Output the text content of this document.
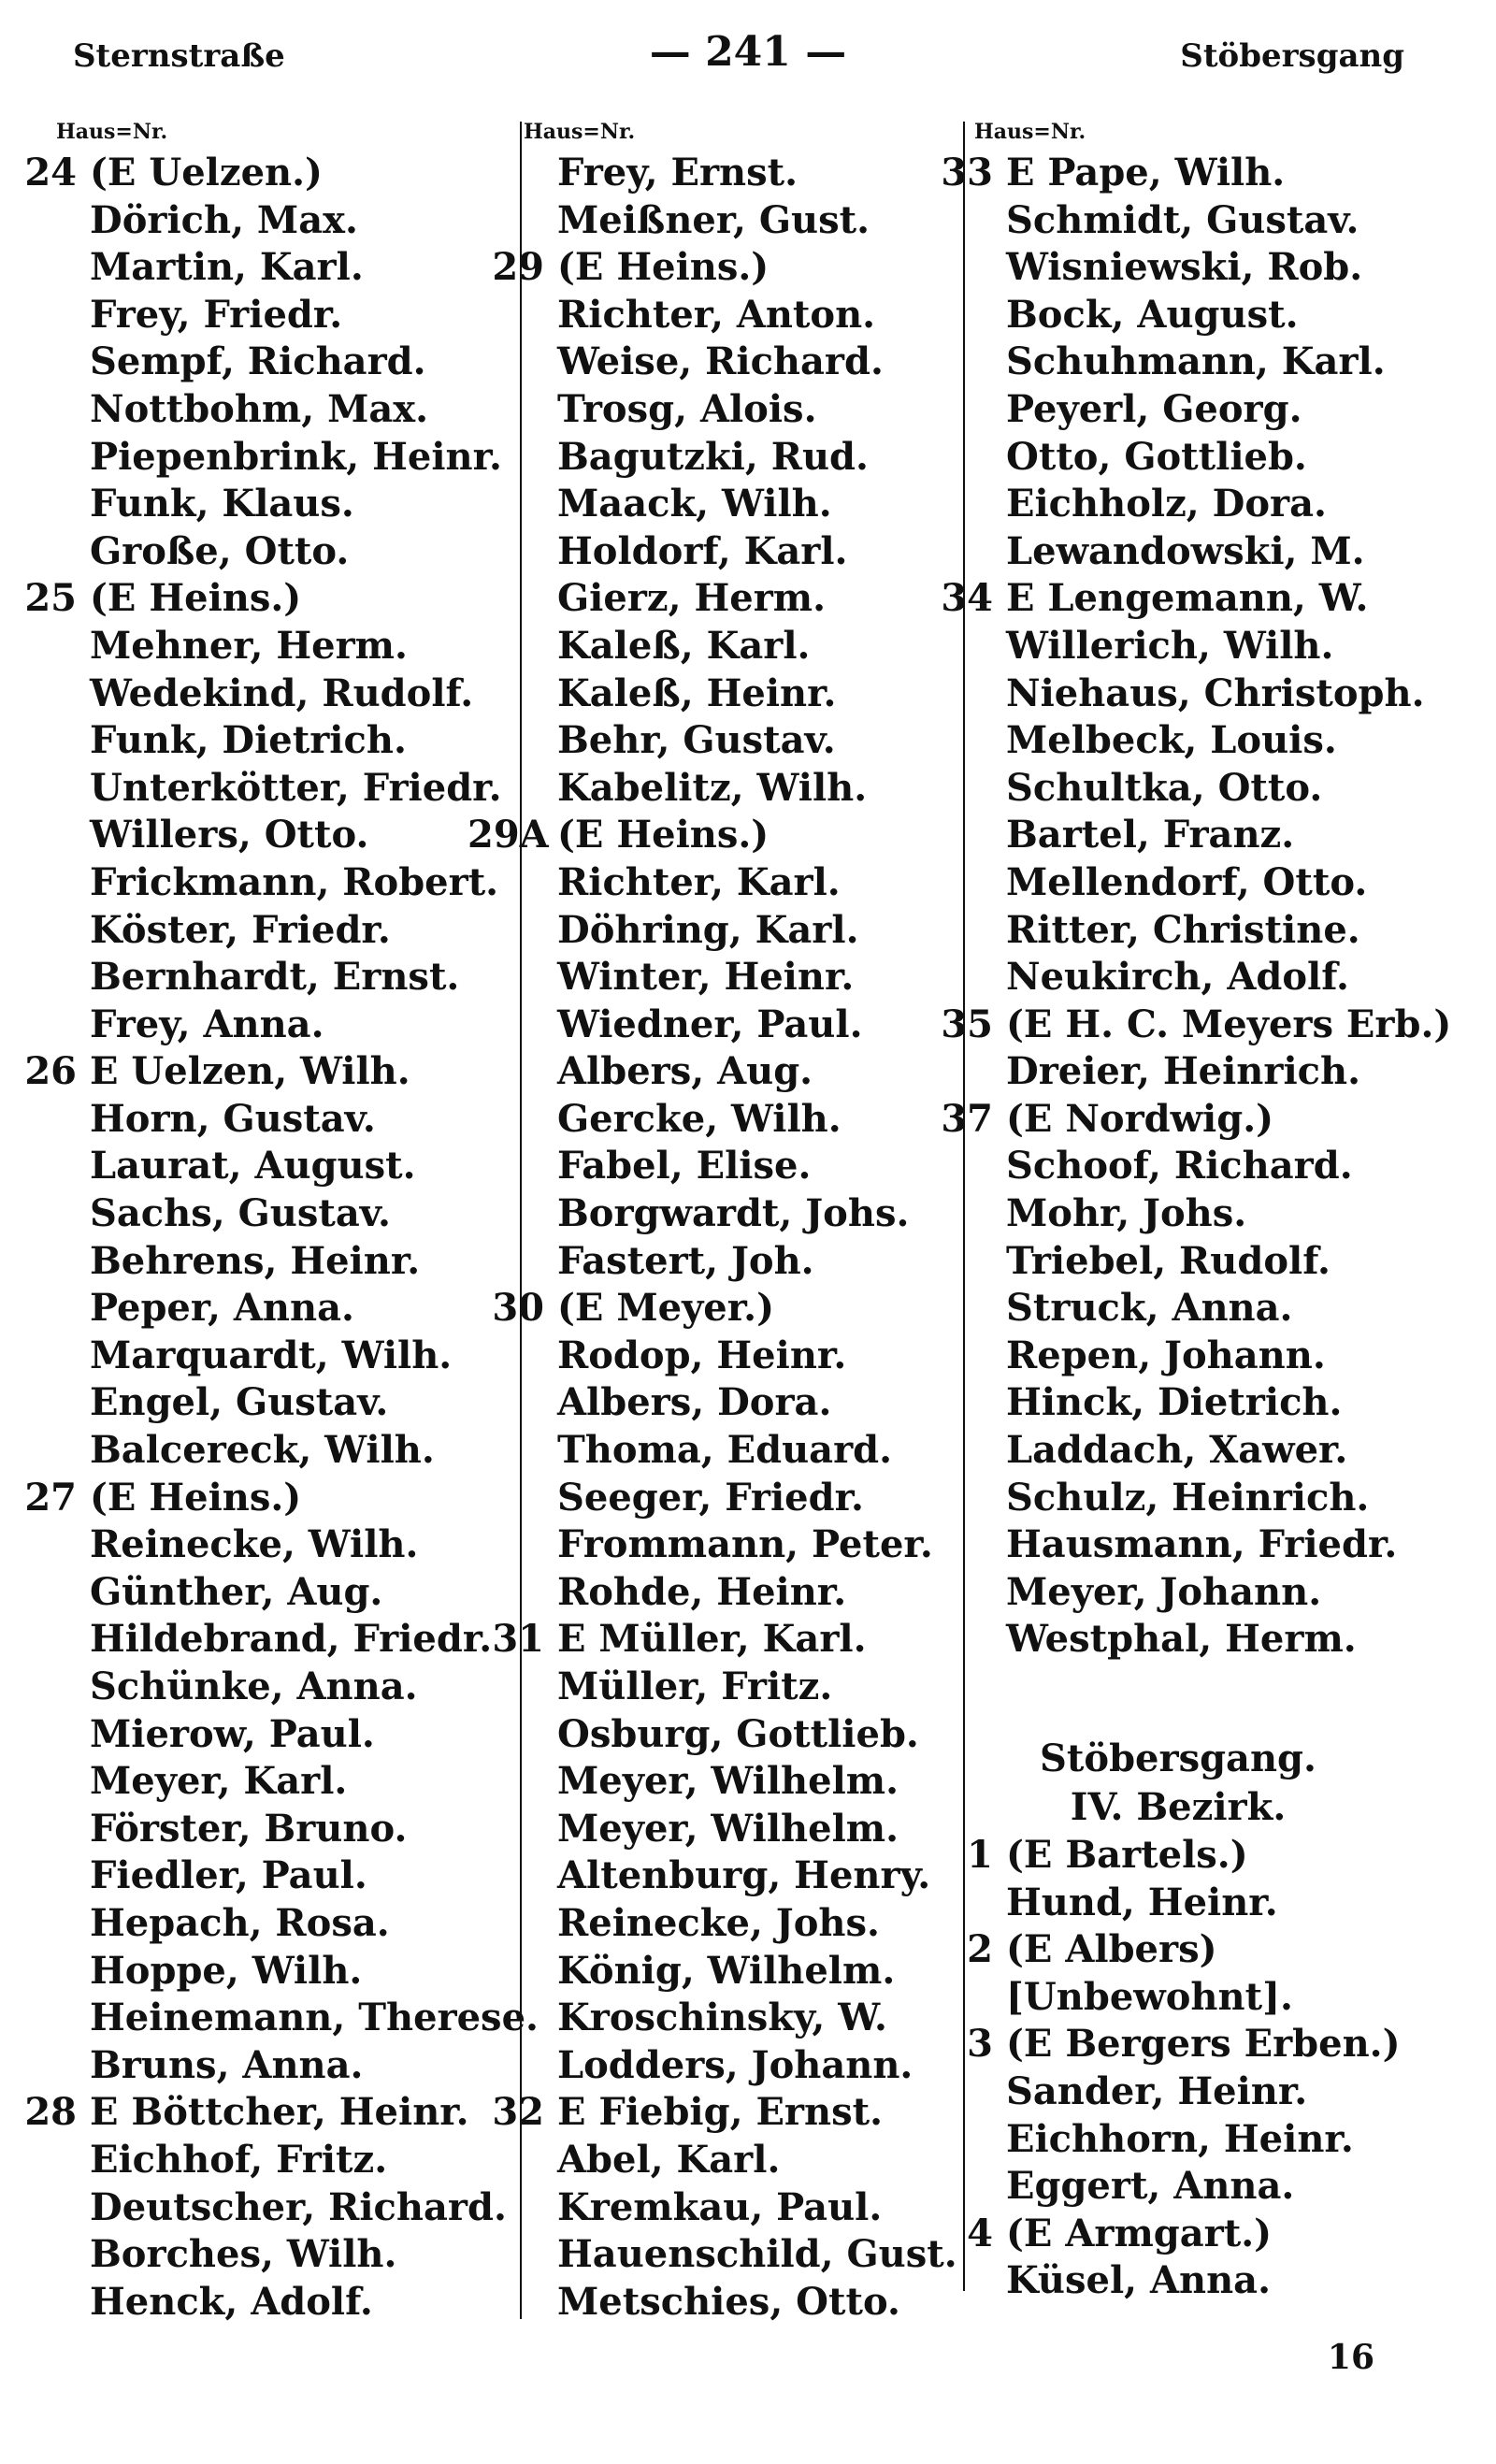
Sternstraße	— 241 —	Stöbersgang
Haus=Nr.	Haus=Nr.	Haus=Nr.
24 (E Uelzen.)
Dörich, Max.
Martin, Karl.
Frey, Friedr.
Sempf, Richard.
Nottbohm, Max.
Piepenbrink, Heinr.
Funk, Klaus.
Große, Otto.
25 (E Heins.)
Mehner, Herm.
Wedekind, Rudolf.
Funk, Dietrich.
Unterkötter, Friedr.
Willers, Otto.
Frickmann, Robert.
Köster, Friedr.
Bernhardt, Ernst.
Frey, Anna.
26 E Uelzen, Wilh.
Horn, Gustav.
Laurat, August.
Sachs, Gustav.
Behrens, Heinr.
Peper, Anna.
Marquardt, Wilh.
Engel, Gustav.
Balcereck, Wilh.
27 (E Heins.)
Reinecke, Wilh.
Günther, Aug.
Hildebrand, Friedr.
Schünke, Anna.
Mierow, Paul.
Meyer, Karl.
Förster, Bruno.
Fiedler, Paul.
Hepach, Rosa.
Hoppe, Wilh.
Heinemann, Therese.
Bruns, Anna.
28 E Böttcher, Heinr.
Eichhof, Fritz.
Deutscher, Richard.
Borches, Wilh.
Henck, Adolf.
Frey, Ernst.
Meißner, Gust.
29 (E Heins.)
Richter, Anton.
Weise, Richard.
Trosg, Alois.
Bagutzki, Rud.
Maack, Wilh.
Holdorf, Karl.
Gierz, Herm.
Kaleß, Karl.
Kaleß, Heinr.
Behr, Gustav.
Kabelitz, Wilh.
29A (E Heins.)
Richter, Karl.
Döhring, Karl.
Winter, Heinr.
Wiedner, Paul.
Albers, Aug.
Gercke, Wilh.
Fabel, Elise.
Borgwardt, Johs.
Fastert, Joh.
30 (E Meyer.)
Rodop, Heinr.
Albers, Dora.
Thoma, Eduard.
Seeger, Friedr.
Frommann, Peter.
Rohde, Heinr.
31 E Müller, Karl.
Müller, Fritz.
Osburg, Gottlieb.
Meyer, Wilhelm.
Meyer, Wilhelm.
Altenburg, Henry.
Reinecke, Johs.
König, Wilhelm.
Kroschinsky, W.
Lodders, Johann.
32 E Fiebig, Ernst.
Abel, Karl.
Kremkau, Paul.
Hauenschild, Gust.
Metschies, Otto.
33 E Pape, Wilh.
Schmidt, Gustav.
Wisniewski, Rob.
Bock, August.
Schuhmann, Karl.
Peyerl, Georg.
Otto, Gottlieb.
Eichholz, Dora.
Lewandowski, M.
34 E Lengemann, W.
Willerich, Wilh.
Niehaus, Christoph.
Melbeck, Louis.
Schultka, Otto.
Bartel, Franz.
Mellendorf, Otto.
Ritter, Christine.
Neukirch, Adolf.
35 (E H. C. Meyers Erb.)
Dreier, Heinrich.
37 (E Nordwig.)
Schoof, Richard.
Mohr, Johs.
Triebel, Rudolf.
Struck, Anna.
Repen, Johann.
Hinck, Dietrich.
Laddach, Xawer.
Schulz, Heinrich.
Hausmann, Friedr.
Meyer, Johann.
Westphal, Herm.
Stöbersgang.
IV. Bezirk.
1 (E Bartels.)
Hund, Heinr.
2 (E Albers)
[Unbewohnt].
3 (E Bergers Erben.)
Sander, Heinr.
Eichhorn, Heinr.
Eggert, Anna.
4 (E Armgart.)
Küsel, Anna.
16
